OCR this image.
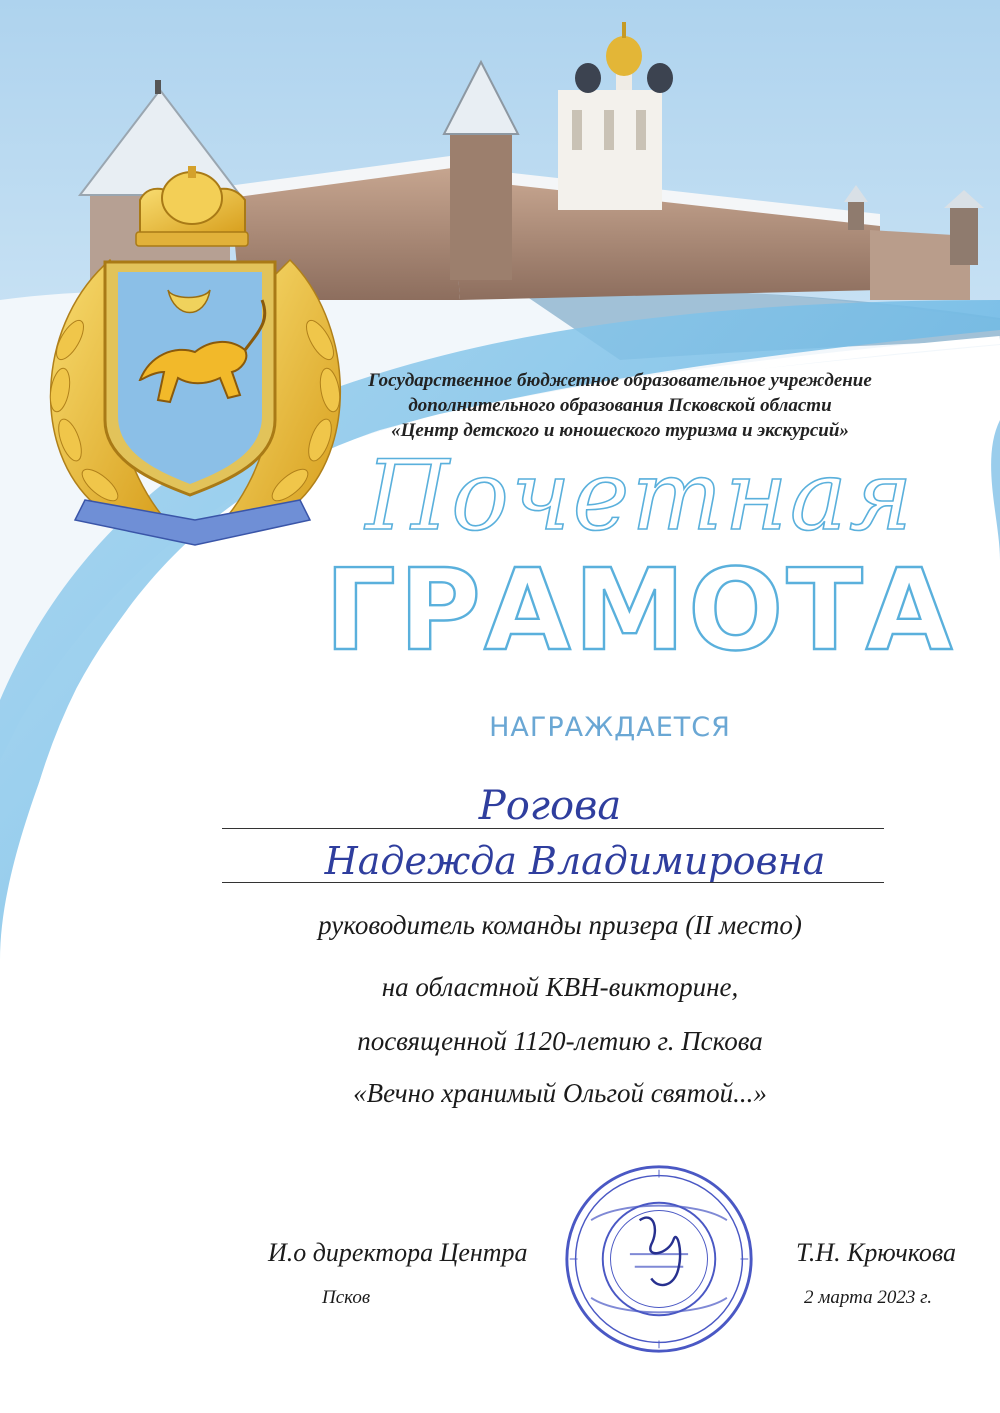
Государственное бюджетное образовательное учреждение
дополнительного образования Псковской области
«Центр детского и юношеского туризма и экскурсий»
Почетная
ГРАМОТА
НАГРАЖДАЕТСЯ
Рогова
Надежда Владимировна
руководитель команды призера (II место)
на областной КВН-викторине,
посвященной 1120-летию г. Пскова
«Вечно хранимый Ольгой святой...»
И.о директора Центра	Т.Н. Крючкова
Псков	2 марта 2023 г.
